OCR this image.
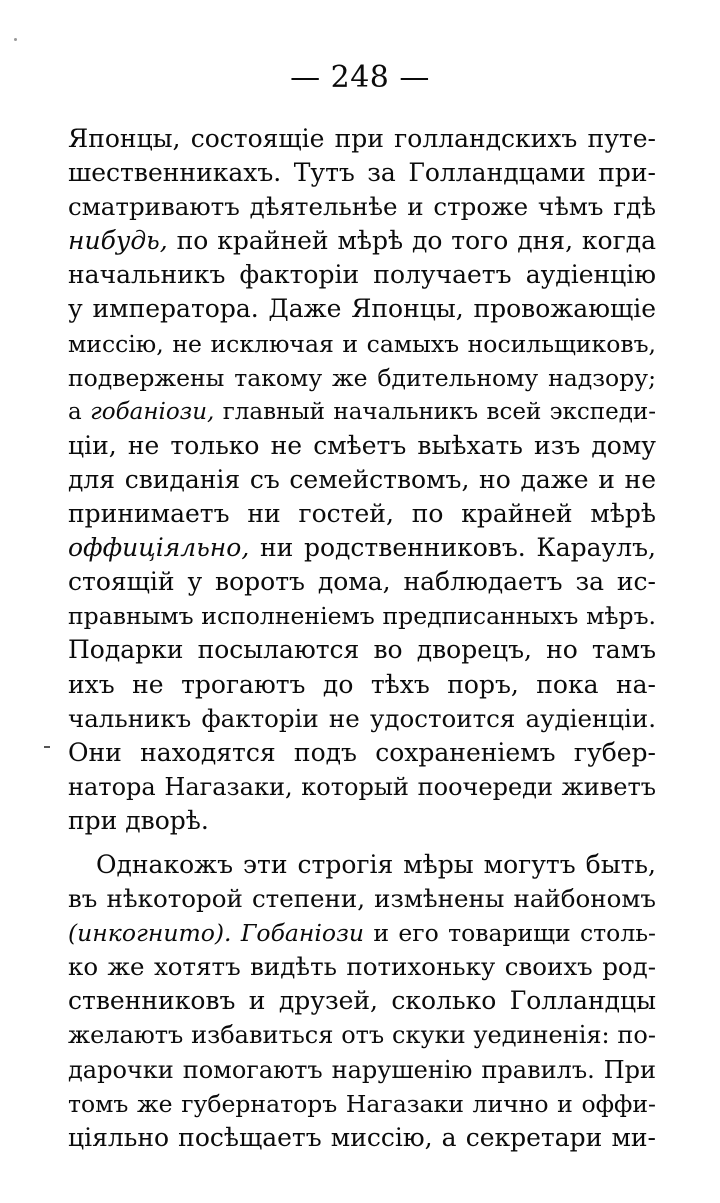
— 248 —
Японцы, состоящіе при голландскихъ путе-
шественникахъ. Тутъ за Голландцами при-
сматриваютъ дѣятельнѣе и строже чѣмъ гдѣ
нибудь, по крайней мѣрѣ до того дня, когда
начальникъ факторіи получаетъ аудіенцію
у императора. Даже Японцы, провожающіе
миссію, не исключая и самыхъ носильщиковъ,
подвержены такому же бдительному надзору;
а гобаніози, главный начальникъ всей экспеди-
ціи, не только не смѣетъ выѣхать изъ дому
для свиданія съ семействомъ, но даже и не
принимаетъ ни гостей, по крайней мѣрѣ
оффиціяльно, ни родственниковъ. Караулъ,
стоящій у воротъ дома, наблюдаетъ за ис-
правнымъ исполненіемъ предписанныхъ мѣръ.
Подарки посылаются во дворецъ, но тамъ
ихъ не трогаютъ до тѣхъ поръ, пока на-
чальникъ факторіи не удостоится аудіенціи.
Они находятся подъ сохраненіемъ губер-
натора Нагазаки, который поочереди живетъ
при дворѣ.
Однакожъ эти строгія мѣры могутъ быть,
въ нѣкоторой степени, измѣнены найбономъ
(инкогнито). Гобаніози и его товарищи столь-
ко же хотятъ видѣть потихоньку своихъ род-
ственниковъ и друзей, сколько Голландцы
желаютъ избавиться отъ скуки уединенія: по-
дарочки помогаютъ нарушенію правилъ. При
томъ же губернаторъ Нагазаки лично и оффи-
ціяльно посѣщаетъ миссію, а секретари ми-
